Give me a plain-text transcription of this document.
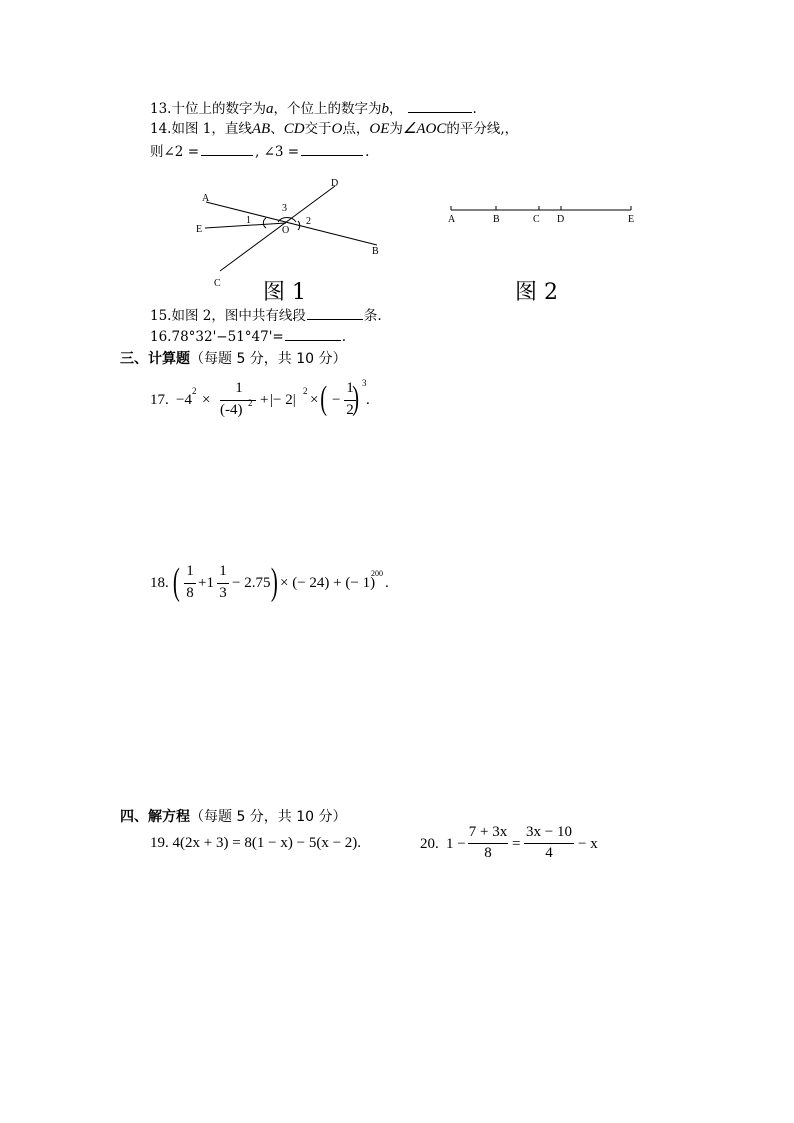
13.十位上的数字为a，个位上的数字为b，	.
14.如图 1，直线AB、CD交于O点，OE为∠AOC的平分线,，
则∠2 =	, ∠3 =	.
A
B
C
D
E	O
1	2
3
图 1
A	B	C D	E
图 2
15.如图 2，图中共有线段	条.
16.78°32'−51°47'=	.
三、计算题（每题 5 分，共 10 分）
17. −4
2
×
1
(-4) 2 + |− 2|
2
× ( −
1
2
) 3
.
18. ( 1
8
+1
1
3
− 2.75 ) × (− 24) + (− 1)
200
.
四、解方程（每题 5 分，共 10 分）
19. 4(2x + 3) = 8(1 − x) − 5(x − 2).	20. 1 −
7 + 3x
8
=
3x − 10
4
− x
